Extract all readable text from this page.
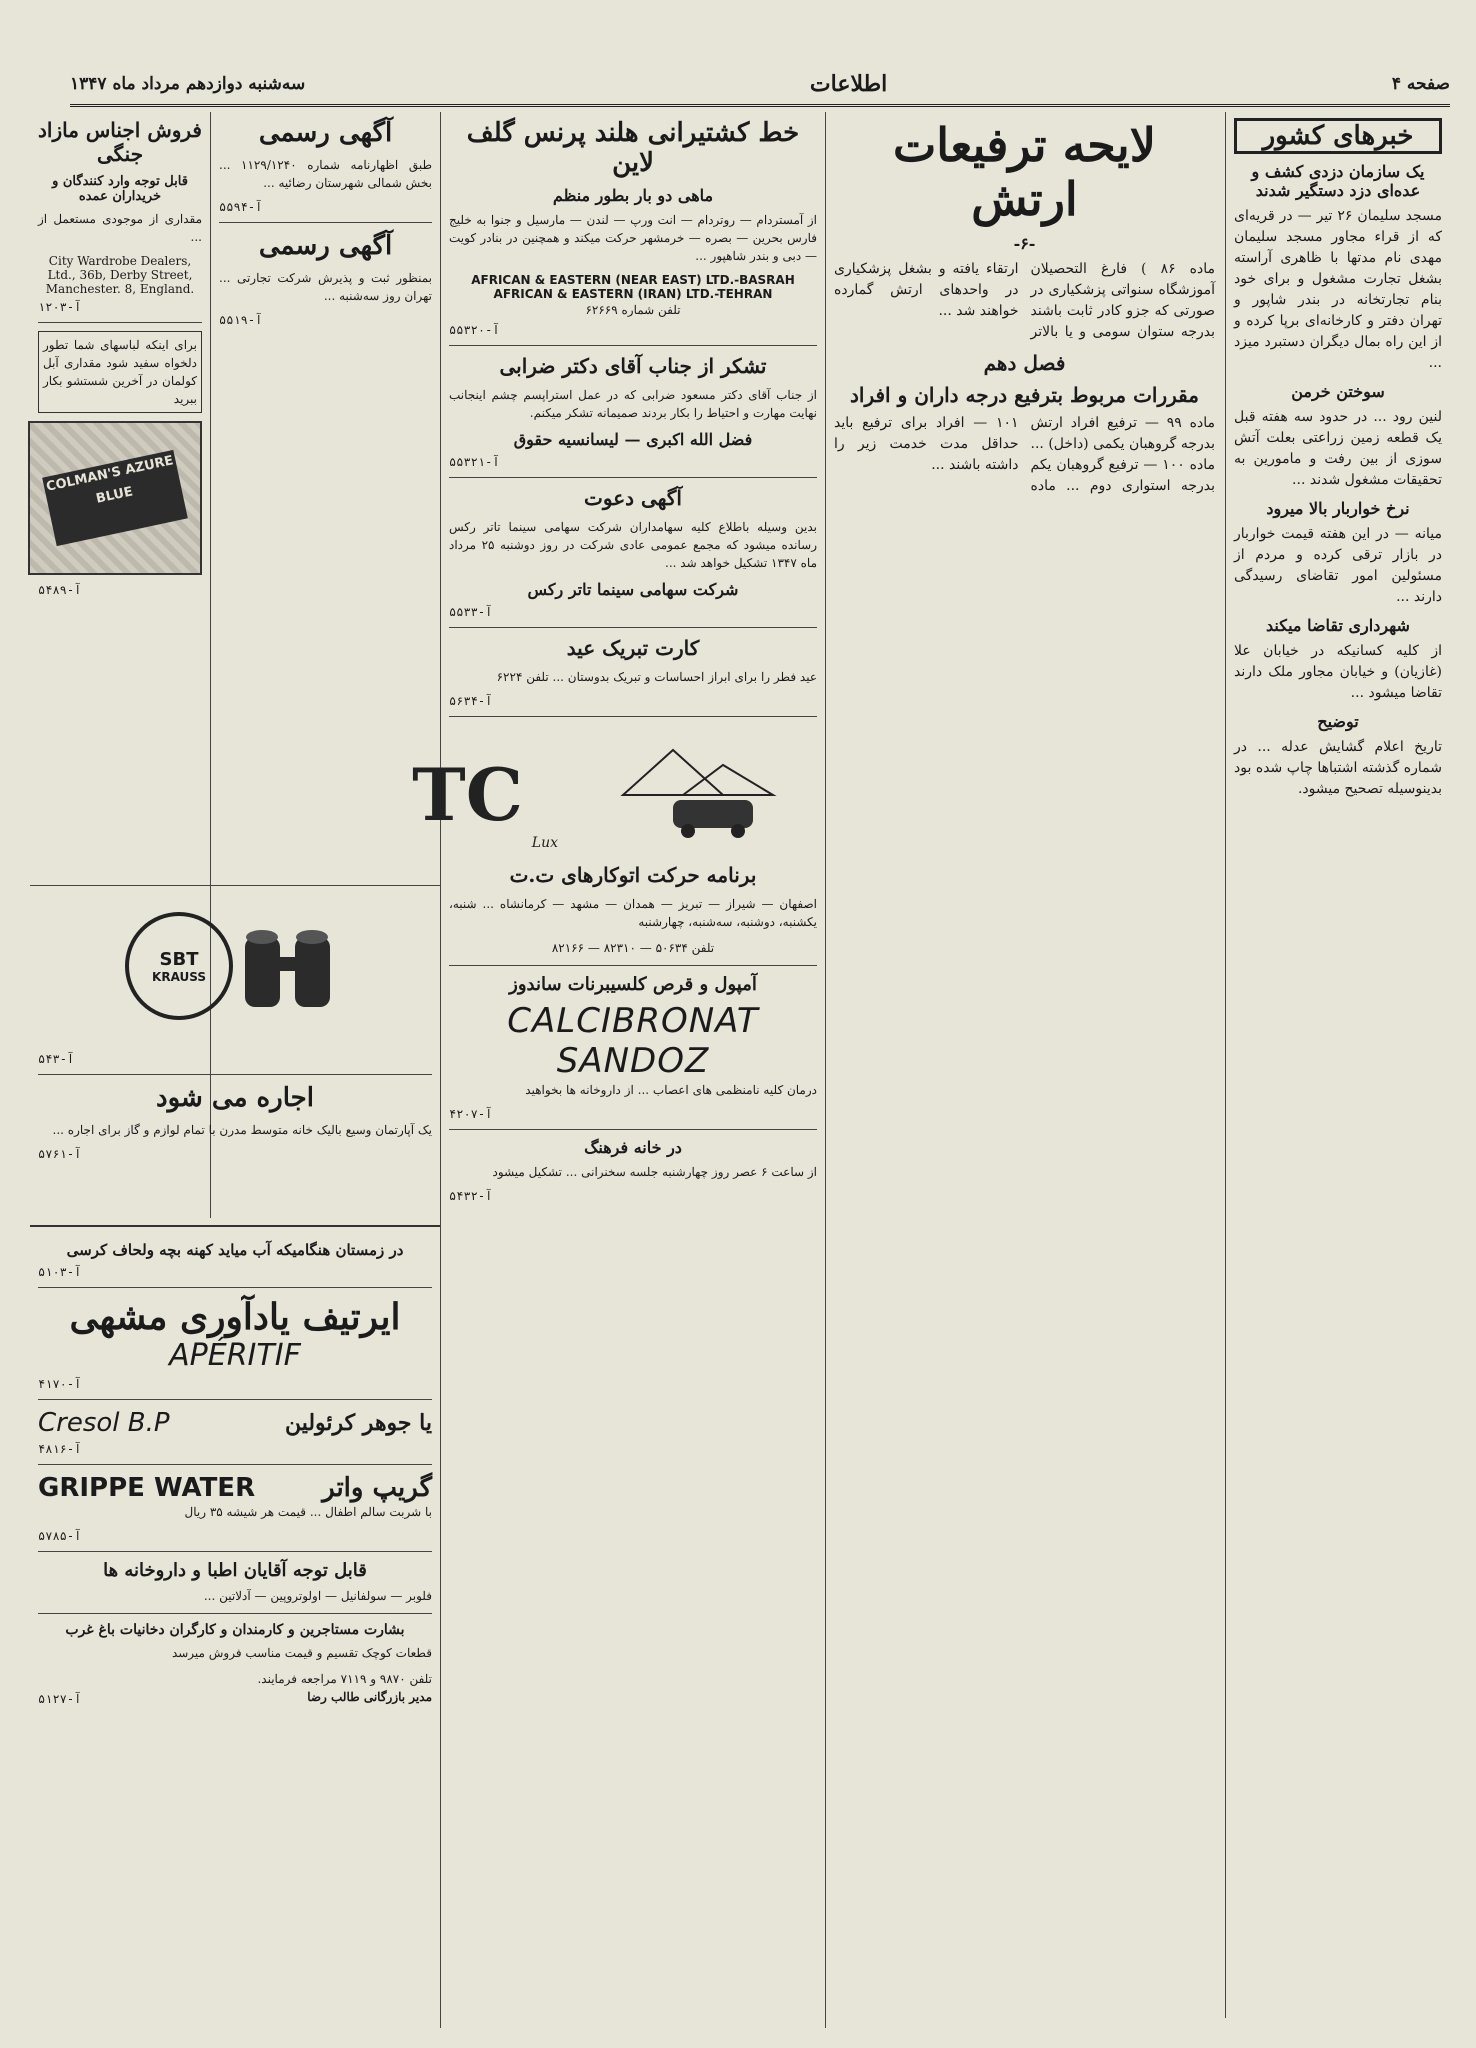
صفحه ۴
اطلاعات
سه‌شنبه دوازدهم مرداد ماه ۱۳۴۷
خبرهای کشور
یک سازمان دزدی کشف و عده‌ای دزد دستگیر شدند

مسجد سلیمان ۲۶ تیر — در قریه‌ای که از قراء مجاور مسجد سلیمان مهدی نام مدتها با ظاهری آراسته بشغل تجارت مشغول و برای خود بنام تجارتخانه در بندر شاپور و تهران دفتر و کارخانه‌ای برپا کرده و از این راه بمال دیگران دستبرد میزد ...

سوختن خرمن

لنین رود ... در حدود سه هفته قبل یک قطعه زمین زراعتی بعلت آتش سوزی از بین رفت و مامورین به تحقیقات مشغول شدند ...

نرخ خواربار بالا میرود

میانه — در این هفته قیمت خواربار در بازار ترقی کرده و مردم از مسئولین امور تقاضای رسیدگی دارند ...

شهرداری تقاضا میکند

از کلیه کسانیکه در خیابان علا (غازیان) و خیابان مجاور ملک دارند تقاضا میشود ...

توضیح

تاریخ اعلام گشایش عدله ... در شماره گذشته اشتباها چاپ شده بود بدینوسیله تصحیح میشود.

لایحه ترفیعات ارتش
-۶-

ماده ۸۶ ) فارغ التحصیلان آموزشگاه سنواتی پزشکیاری در صورتی که جزو کادر ثابت باشند بدرجه ستوان سومی و یا بالاتر ارتقاء یافته و بشغل پزشکیاری در واحدهای ارتش گمارده خواهند شد ...

فصل دهم
مقررات مربوط بترفیع درجه داران و افراد

ماده ۹۹ — ترفیع افراد ارتش بدرجه گروهبان یکمی (داخل) ... ماده ۱۰۰ — ترفیع گروهبان یکم بدرجه استواری دوم ... ماده ۱۰۱ — افراد برای ترفیع باید حداقل مدت خدمت زیر را داشته باشند ...

خط کشتیرانی هلند پرنس گلف لاین
ماهی دو بار بطور منظم

از آمستردام — روتردام — انت ورپ — لندن — مارسیل و جنوا به خلیج فارس بحرین — بصره — خرمشهر حرکت میکند و همچنین در بنادر کویت — دبی و بندر شاهپور ...

AFRICAN & EASTERN (NEAR EAST) LTD.-BASRAH
AFRICAN & EASTERN (IRAN) LTD.-TEHRAN
تلفن شماره ۶۲۶۶۹
آ-۵۵۳۲۰
تشکر از جناب آقای دکتر ضرابی

از جناب آقای دکتر مسعود ضرابی که در عمل استراپسم چشم اینجانب نهایت مهارت و احتیاط را بکار بردند صمیمانه تشکر میکنم.

فضل الله اکبری — لیسانسیه حقوق
آ-۵۵۳۲۱
آگهی دعوت

بدین وسیله باطلاع کلیه سهامداران شرکت سهامی سینما تاتر رکس رسانده میشود که مجمع عمومی عادی شرکت در روز دوشنبه ۲۵ مرداد ماه ۱۳۴۷ تشکیل خواهد شد ...

شرکت سهامی سینما تاتر رکس
۵۵۳۳-آ
کارت تبریک عید

عید فطر را برای ابراز احساسات و تبریک بدوستان ... تلفن ۶۲۲۴

۵۶۳۴-آ
TC
Lux
برنامه حرکت اتوکارهای ت.ت

اصفهان — شیراز — تبریز — همدان — مشهد — کرمانشاه ... شنبه، یکشنبه، دوشنبه، سه‌شنبه، چهارشنبه

تلفن ۵۰۶۳۴ — ۸۲۳۱۰ — ۸۲۱۶۶
آمپول و قرص کلسیبرنات ساندوز
CALCIBRONAT SANDOZ

درمان کلیه نامنظمی های اعصاب ... از داروخانه ها بخواهید

۴۲۰۷-آ
در خانه فرهنگ

از ساعت ۶ عصر روز چهارشنبه جلسه سخنرانی ... تشکیل میشود

۵۴۳۲-آ
آگهی رسمی

طبق اظهارنامه شماره ۱۱۲۹/۱۲۴۰ ... بخش شمالی شهرستان رضائیه ...

آ-۵۵۹۴
آگهی رسمی

بمنظور ثبت و پذیرش شرکت تجارتی ... تهران روز سه‌شنبه ...

آ-۵۵۱۹
فروش اجناس مازاد جنگی
قابل توجه وارد کنندگان و خریداران عمده

مقداری از موجودی مستعمل از ...

City Wardrobe Dealers, Ltd., 36b, Derby Street, Manchester. 8, England.
آ-۱۲۰۳

برای اینکه لباسهای شما تطور دلخواه سفید شود مقداری آبل کولمان در آخرین شستشو بکار ببرید

COLMAN'S AZURE BLUE
آ-۵۴۸۹
SBT
KRAUSS
آ-۵۴۳
اجاره می شود

یک آپارتمان وسیع بالیک خانه متوسط مدرن با تمام لوازم و گاز برای اجاره ...

آ-۵۷۶۱
در زمستان هنگامیکه آب میاید کهنه بچه ولحاف کرسی
آ-۵۱۰۳
ایرتیف یادآوری مشهی
APÉRITIF
آ-۴۱۷۰
یا جوهر کرئولین
Cresol B.P
آ-۴۸۱۶
گریپ واتر
GRIPPE WATER

با شربت سالم اطفال ... قیمت هر شیشه ۳۵ ریال

آ-۵۷۸۵
قابل توجه آقایان اطبا و داروخانه ها

فلوبر — سولفانیل — اولوتروپین — آدلاتین ...

بشارت مستاجرین و کارمندان و کارگران دخانیات باغ غرب

قطعات کوچک تقسیم و قیمت مناسب فروش میرسد

تلفن ۹۸۷۰ و ۷۱۱۹ مراجعه فرمایند.
مدیر بازرگانی طالب رضا
آ-۵۱۲۷
